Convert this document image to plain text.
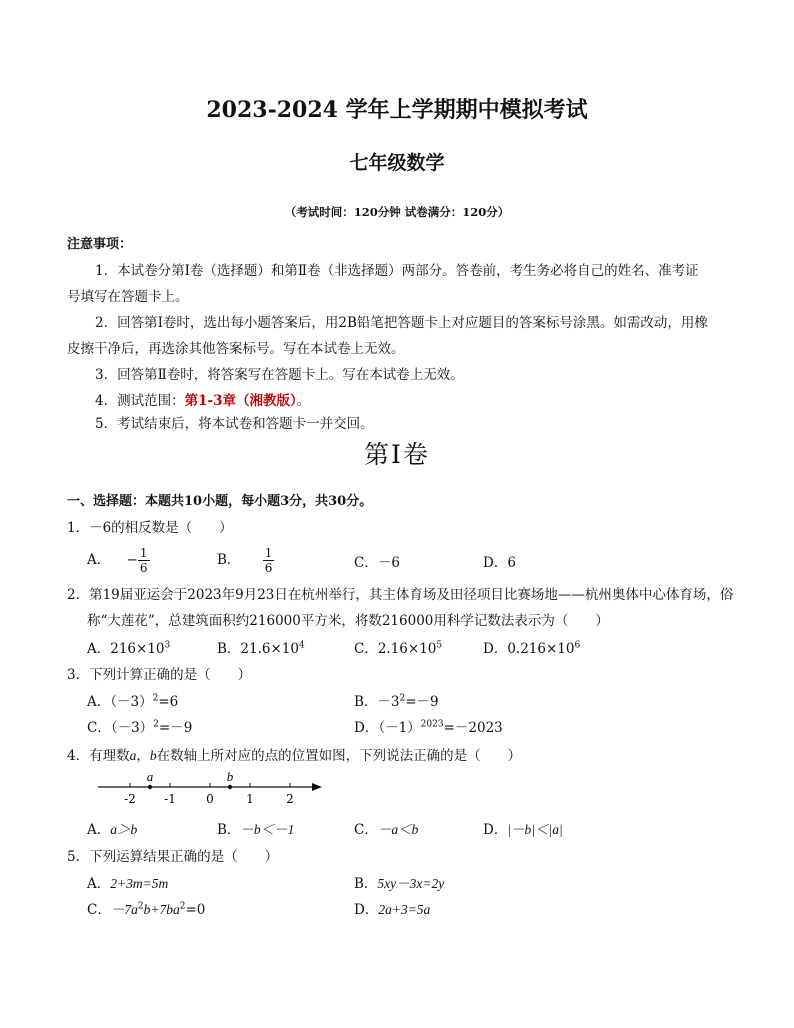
2023-2024 学年上学期期中模拟考试
七年级数学
（考试时间：120分钟 试卷满分：120分）
注意事项：
1．本试卷分第Ⅰ卷（选择题）和第Ⅱ卷（非选择题）两部分。答卷前，考生务必将自己的姓名、准考证
号填写在答题卡上。
2．回答第Ⅰ卷时，选出每小题答案后，用2B铅笔把答题卡上对应题目的答案标号涂黑。如需改动，用橡
皮擦干净后，再选涂其他答案标号。写在本试卷上无效。
3．回答第Ⅱ卷时，将答案写在答题卡上。写在本试卷上无效。
4．测试范围：第1-3章（湘教版）。
5．考试结束后，将本试卷和答题卡一并交回。
第Ⅰ卷
一、选择题：本题共10小题，每小题3分，共30分。
1．－6的相反数是（　　）
A． − $\frac{1}{6}$	B． $\frac{1}{6}$	C．－6	D．6
2．第19届亚运会于2023年9月23日在杭州举行，其主体育场及田径项目比赛场地——杭州奥体中心体育场，俗
称“大莲花”，总建筑面积约216000平方米，将数216000用科学记数法表示为（　　）
A．$216\times 10^3$	B．$21.6\times 10^4$	C．$2.16\times 10^5$	D．$0.216\times 10^6$
3．下列计算正确的是（　　）
A．$(-3)^2=6$	B．$-3^2=-9$
C．$(-3)^2=-9$	D．$(-1)^{2023}=-2023$
4．有理数a，b在数轴上所对应的点的位置如图，下列说法正确的是（　　）
-2 -1	0	1	2
a	b
A．a＞b	B．－b＜－1	C．－a＜b	D．|－b|＜|a|
5．下列运算结果正确的是（　　）
A．2+3m=5m	B．5xy－3x=2y
C．$-7a^2b+7ba^2=0$	D．2a+3=5a
